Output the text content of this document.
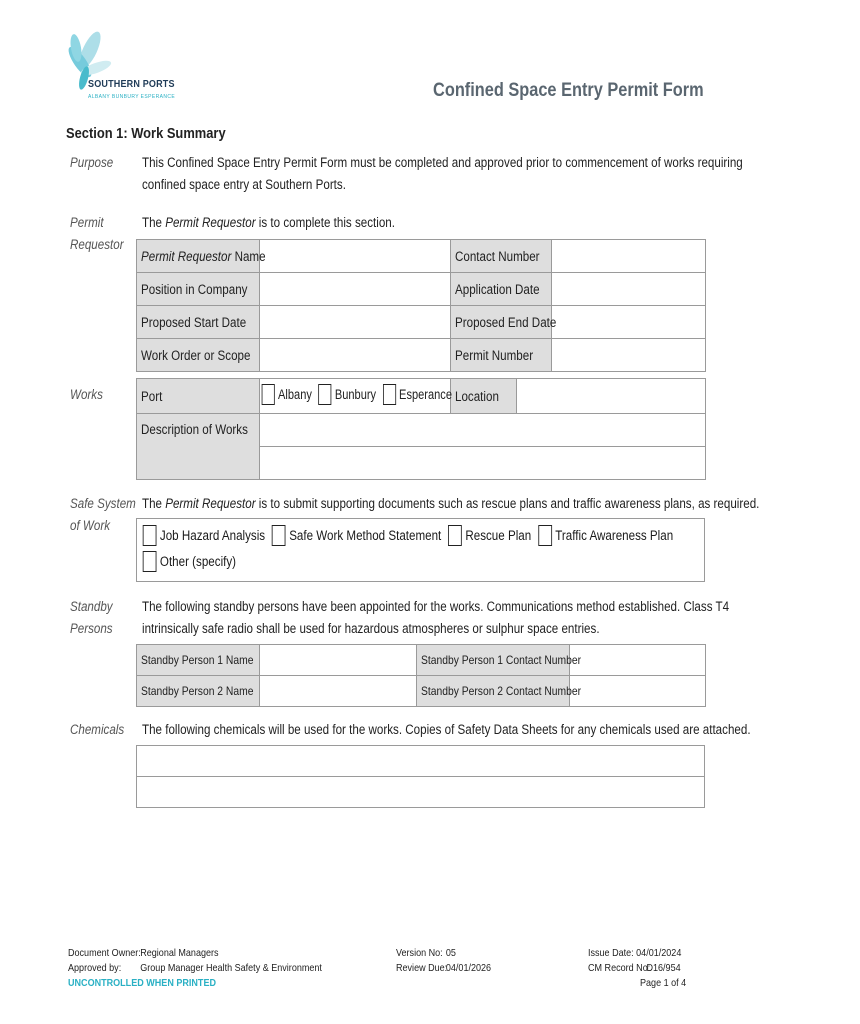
SOUTHERN PORTS
ALBANY BUNBURY ESPERANCE	Confined Space Entry Permit Form
Section 1: Work Summary
Purpose	This Confined Space Entry Permit Form must be completed and approved prior to commencement of works requiring
confined space entry at Southern Ports.
Permit
Requestor
The Permit Requestor is to complete this section.
Permit Requestor Name		Contact Number	
Position in Company		Application Date	
Proposed Start Date		Proposed End Date	
Work Order or Scope		Permit Number	
Works	Port	Albany Bunbury Esperance	Location	
Description of Works			

Safe System
of Work
The Permit Requestor is to submit supporting documents such as rescue plans and traffic awareness plans, as required.
Job Hazard Analysis Safe Work Method Statement Rescue Plan Traffic Awareness Plan
Other (specify)
Standby
Persons
The following standby persons have been appointed for the works. Communications method established. Class T4
intrinsically safe radio shall be used for hazardous atmospheres or sulphur space entries.
Standby Person 1 Name		Standby Person 1 Contact Number	
Standby Person 2 Name		Standby Person 2 Contact Number	
Chemicals	The following chemicals will be used for the works. Copies of Safety Data Sheets for any chemicals used are attached.

Document Owner:Regional Managers
Approved by: Group Manager Health Safety & Environment
UNCONTROLLED WHEN PRINTED
Version No: 05
Review Due:04/01/2026
Issue Date: 04/01/2024
CM Record No:D16/954
Page 1 of 4
